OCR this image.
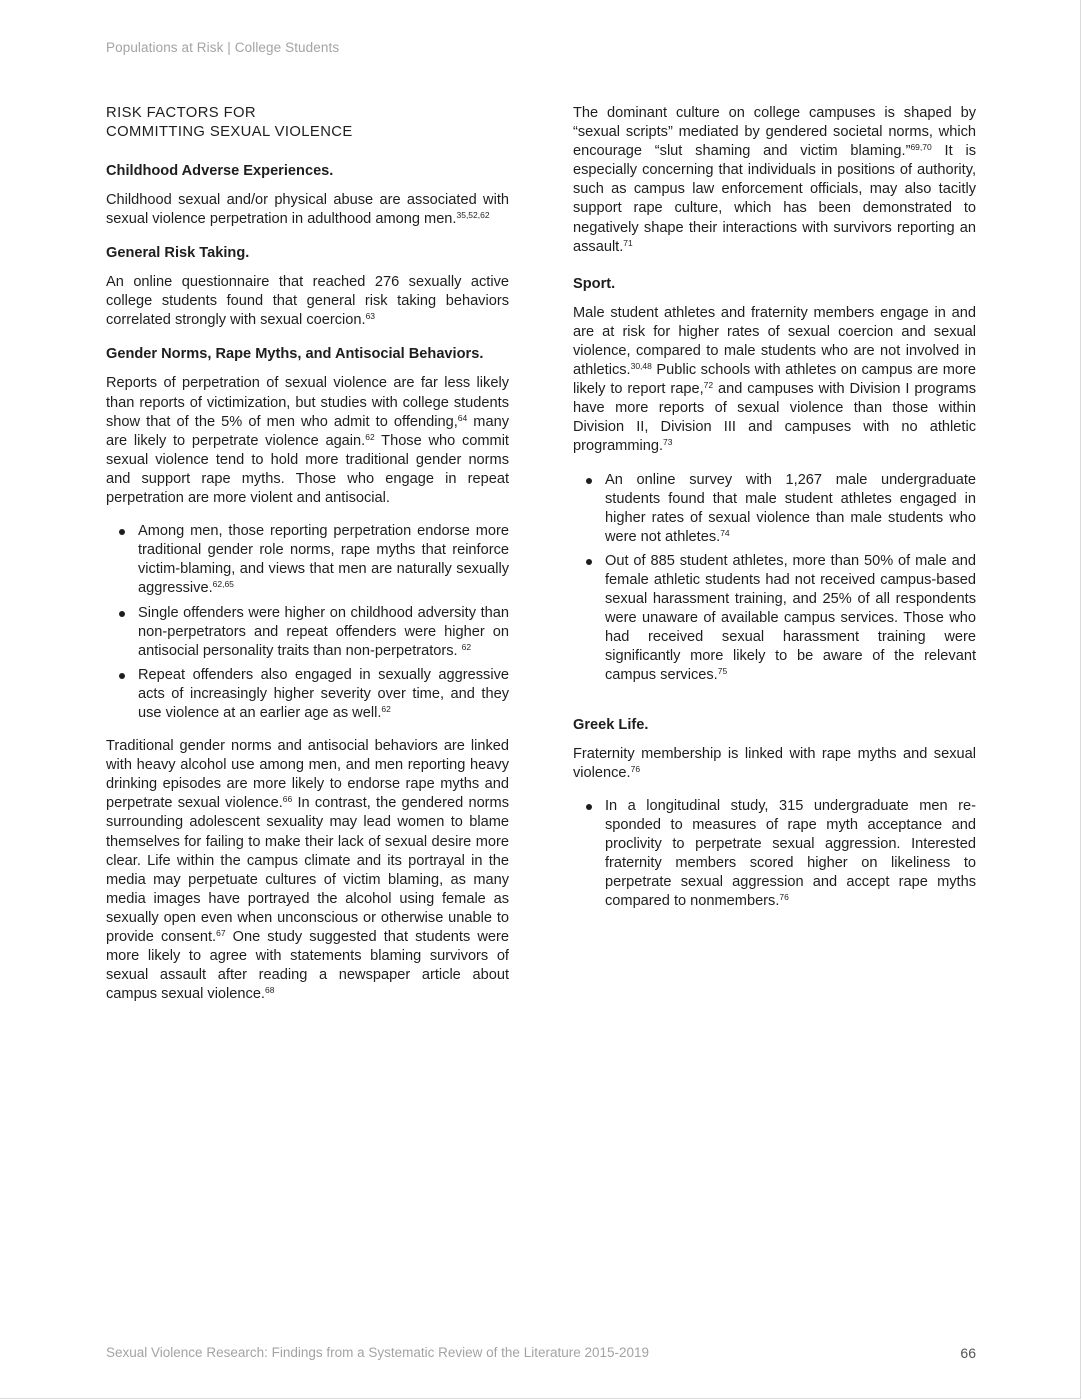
Populations at Risk | College Students
RISK FACTORS FOR
COMMITTING SEXUAL VIOLENCE
Childhood Adverse Experiences.

Childhood sexual and/or physical abuse are associated with sexual violence perpetration in adulthood among men.$^{35,52,62}$

General Risk Taking.

An online questionnaire that reached 276 sexually active college students found that general risk taking behaviors correlated strongly with sexual coercion.$^{63}$

Gender Norms, Rape Myths, and Antisocial Behaviors.

Reports of perpetration of sexual violence are far less likely than reports of victimization, but studies with college students show that of the 5% of men who admit to offending,$^{64}$ many are likely to perpetrate violence again.$^{62}$ Those who commit sexual violence tend to hold more traditional gender norms and support rape myths. Those who engage in repeat perpetration are more violent and antisocial.

Among men, those reporting perpetration endorse more traditional gender role norms, rape myths that reinforce victim-blaming, and views that men are naturally sexually aggressive.$^{62,65}$
Single offenders were higher on childhood adversity than non-perpetrators and repeat offenders were higher on antisocial personality traits than non-perpetrators. $^{62}$
Repeat offenders also engaged in sexually aggressive acts of increasingly higher severity over time, and they use violence at an earlier age as well.$^{62}$

Traditional gender norms and antisocial behaviors are linked with heavy alcohol use among men, and men reporting heavy drinking episodes are more likely to endorse rape myths and perpetrate sexual violence.$^{66}$ In contrast, the gendered norms surrounding adolescent sexuality may lead women to blame themselves for failing to make their lack of sexual desire more clear. Life within the campus climate and its portrayal in the media may perpetuate cultures of victim blaming, as many media images have portrayed the alcohol using female as sexually open even when unconscious or otherwise unable to provide consent.$^{67}$ One study suggested that students were more likely to agree with statements blaming survivors of sexual assault after reading a newspaper article about campus sexual violence.$^{68}$

The dominant culture on college campuses is shaped by “sexual scripts” mediated by gendered societal norms, which encourage “slut shaming and victim blaming.”$^{69,70}$ It is especially concerning that individuals in positions of authority, such as campus law enforcement officials, may also tacitly support rape culture, which has been demonstrated to negatively shape their interactions with survivors reporting an assault.$^{71}$

Sport.

Male student athletes and fraternity members engage in and are at risk for higher rates of sexual coercion and sexual violence, compared to male students who are not involved in athletics.$^{30,48}$ Public schools with athletes on campus are more likely to report rape,$^{72}$ and campuses with Division I programs have more reports of sexual violence than those within Division II, Division III and campuses with no athletic programming.$^{73}$

An online survey with 1,267 male undergraduate students found that male student athletes engaged in higher rates of sexual violence than male students who were not athletes.$^{74}$
Out of 885 student athletes, more than 50% of male and female athletic students had not received campus-based sexual harassment training, and 25% of all respondents were unaware of available campus services. Those who had received sexual harassment training were significantly more likely to be aware of the relevant campus services.$^{75}$
Greek Life.

Fraternity membership is linked with rape myths and sexual violence.$^{76}$

In a longitudinal study, 315 undergraduate men responded to measures of rape myth acceptance and proclivity to perpetrate sexual aggression. Interested fraternity members scored higher on likeliness to perpetrate sexual aggression and accept rape myths compared to nonmembers.$^{76}$
Sexual Violence Research: Findings from a Systematic Review of the Literature 2015-2019	66
